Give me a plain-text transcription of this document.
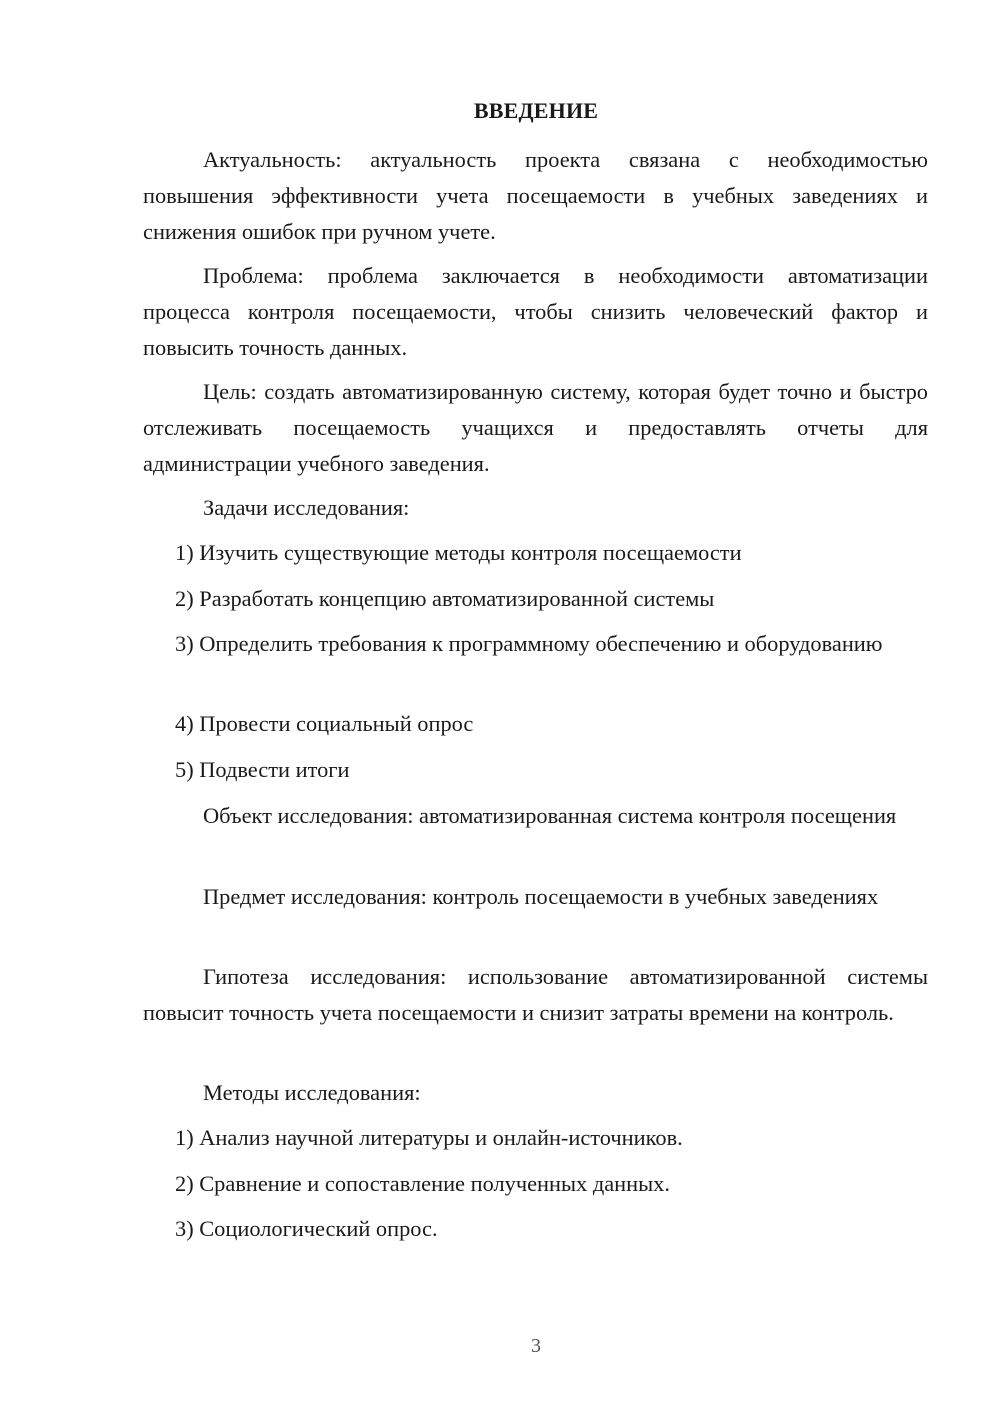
ВВЕДЕНИЕ

Актуальность: актуальность проекта связана с необходимостью повышения эффективности учета посещаемости в учебных заведениях и снижения ошибок при ручном учете.

Проблема: проблема заключается в необходимости автоматизации процесса контроля посещаемости, чтобы снизить человеческий фактор и повысить точность данных.

Цель: создать автоматизированную систему, которая будет точно и быстро отслеживать посещаемость учащихся и предоставлять отчеты для администрации учебного заведения.

Задачи исследования:

1) Изучить существующие методы контроля посещаемости

2) Разработать концепцию автоматизированной системы

3) Определить требования к программному обеспечению и оборудованию

4) Провести социальный опрос

5) Подвести итоги

Объект исследования: автоматизированная система контроля посещения

Предмет исследования: контроль посещаемости в учебных заведениях

Гипотеза исследования: использование автоматизированной системы повысит точность учета посещаемости и снизит затраты времени на контроль.

Методы исследования:

1) Анализ научной литературы и онлайн-источников.

2) Сравнение и сопоставление полученных данных.

3) Социологический опрос.

3
